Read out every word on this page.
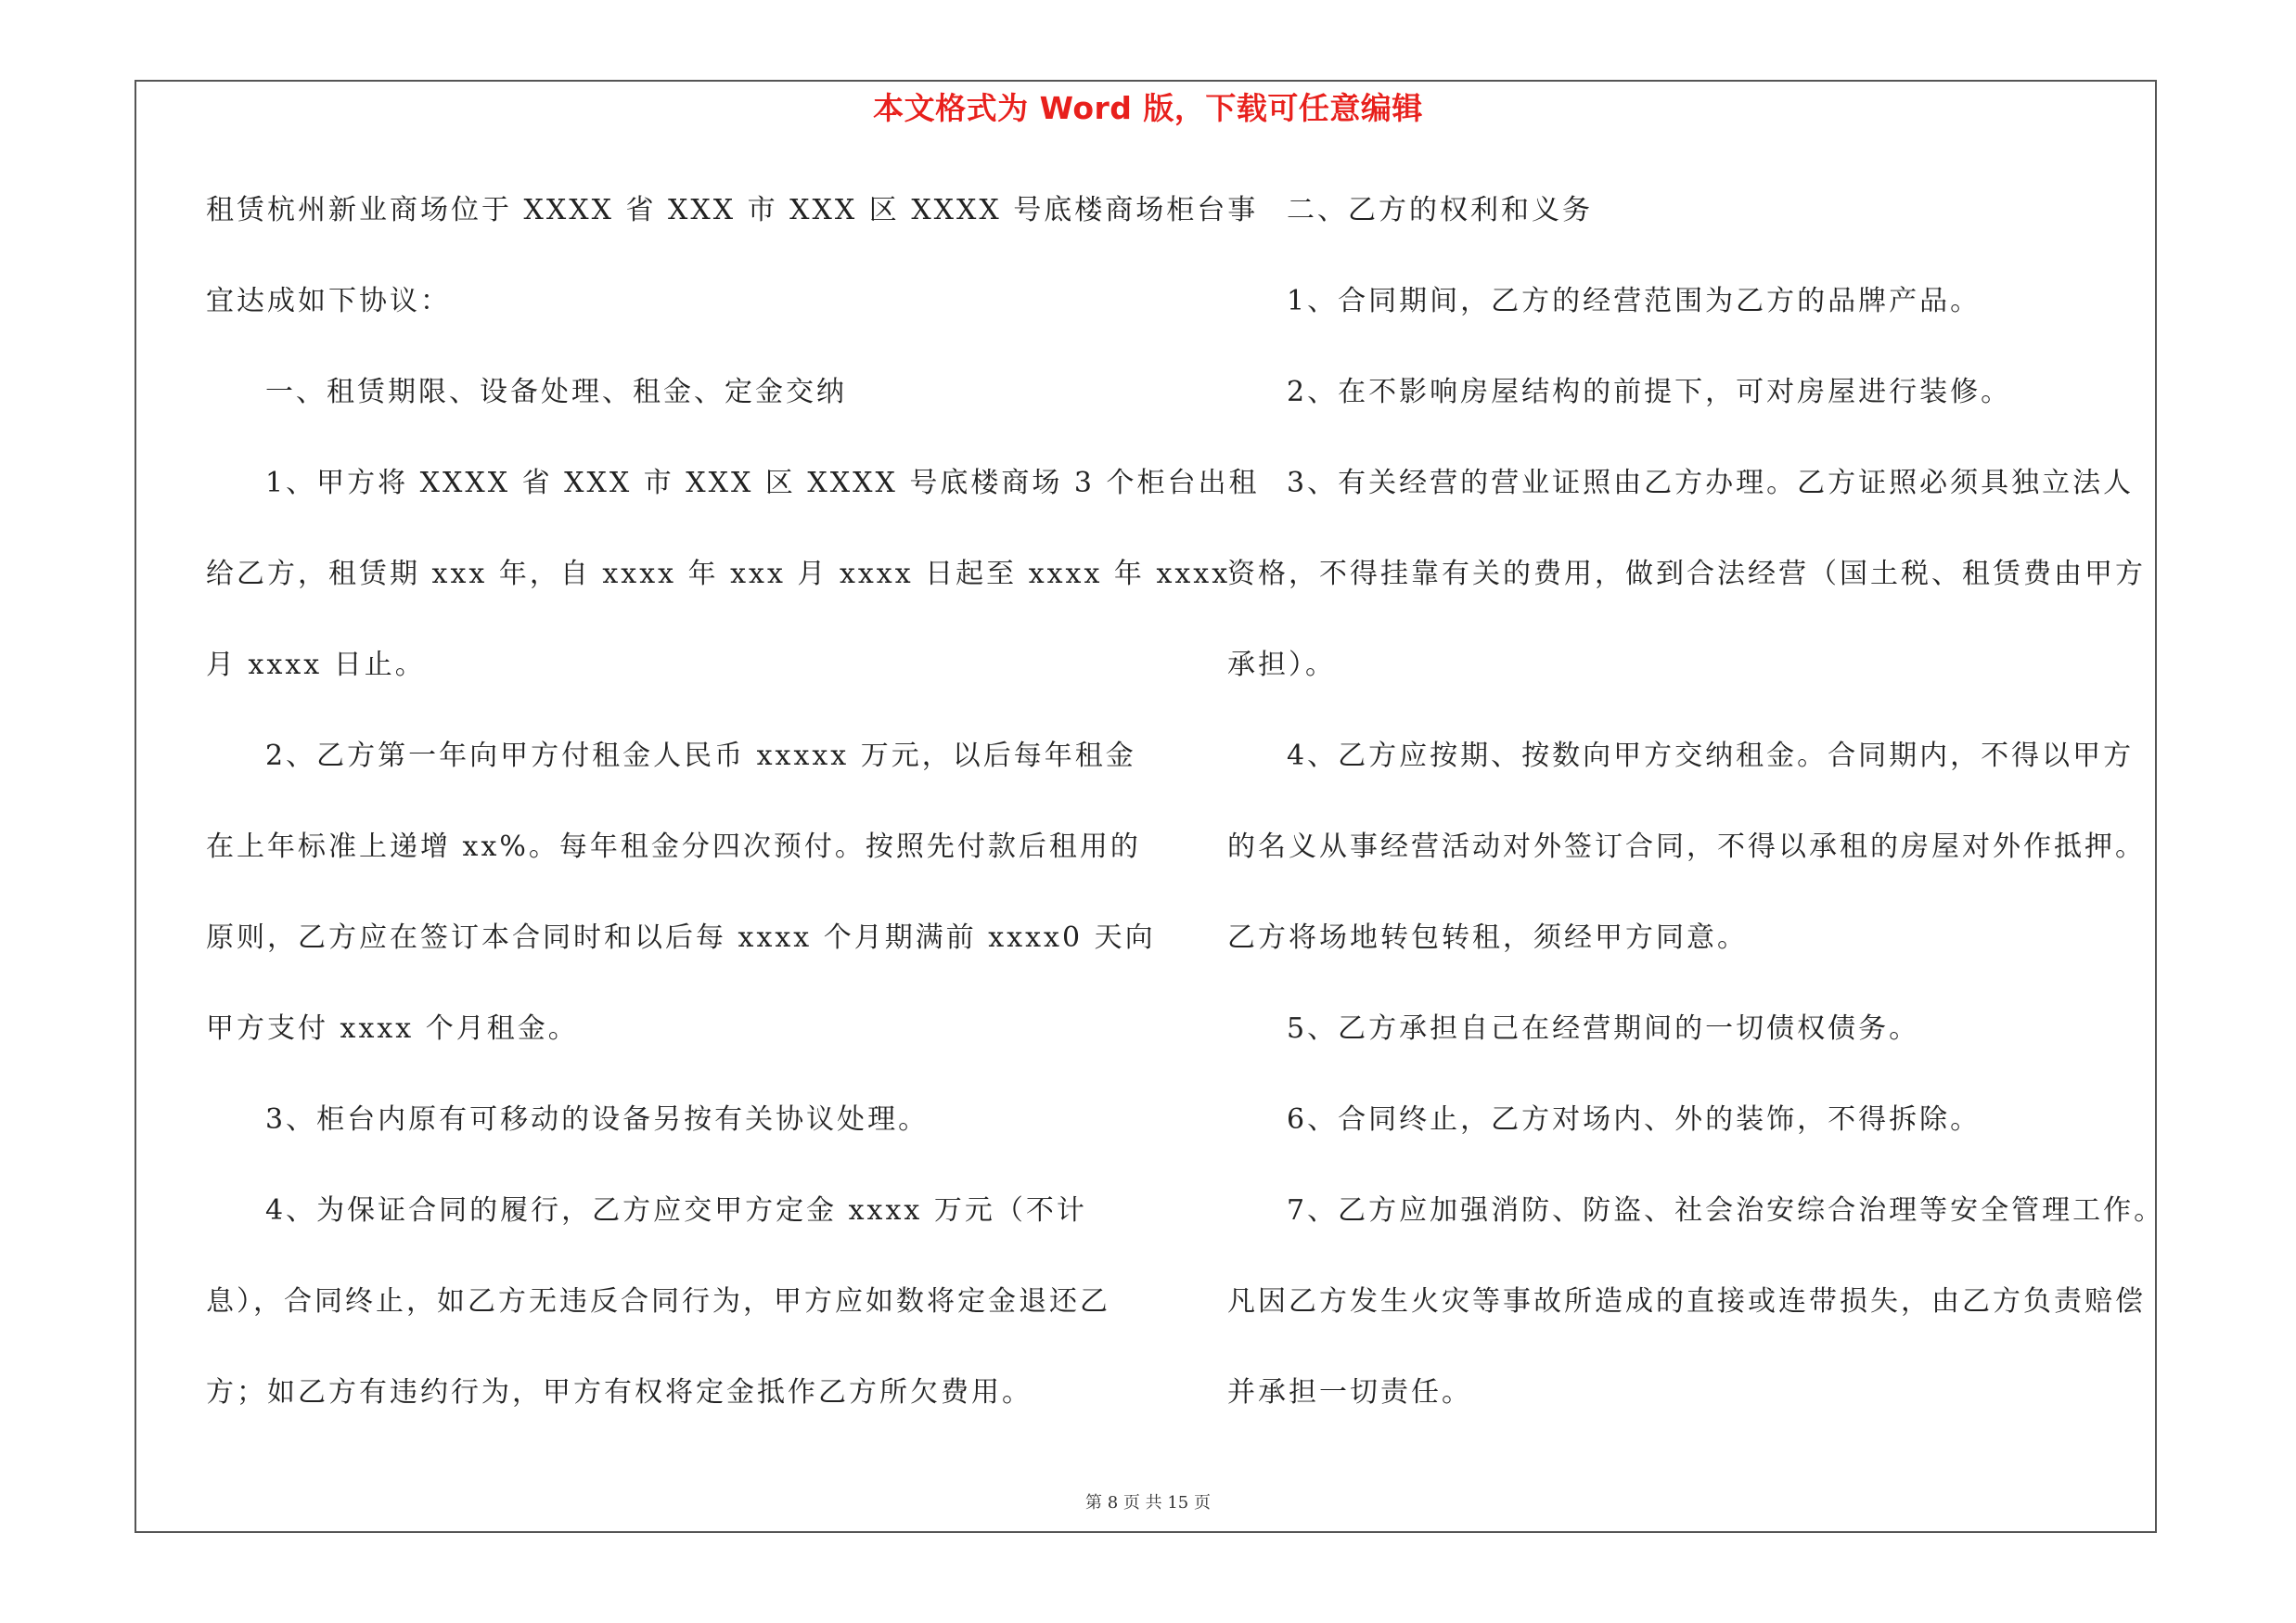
本文格式为 Word 版，下载可任意编辑
租赁杭州新业商场位于 XXXX 省 XXX 市 XXX 区 XXXX 号底楼商场柜台事
宜达成如下协议：
一、租赁期限、设备处理、租金、定金交纳
1、甲方将 XXXX 省 XXX 市 XXX 区 XXXX 号底楼商场 3 个柜台出租
给乙方，租赁期 xxx 年，自 xxxx 年 xxx 月 xxxx 日起至 xxxx 年 xxxx
月 xxxx 日止。
2、乙方第一年向甲方付租金人民币 xxxxx 万元，以后每年租金
在上年标准上递增 xx%。每年租金分四次预付。按照先付款后租用的
原则，乙方应在签订本合同时和以后每 xxxx 个月期满前 xxxx0 天向
甲方支付 xxxx 个月租金。
3、柜台内原有可移动的设备另按有关协议处理。
4、为保证合同的履行，乙方应交甲方定金 xxxx 万元（不计
息），合同终止，如乙方无违反合同行为，甲方应如数将定金退还乙
方；如乙方有违约行为，甲方有权将定金抵作乙方所欠费用。
二、乙方的权利和义务
1、合同期间，乙方的经营范围为乙方的品牌产品。
2、在不影响房屋结构的前提下，可对房屋进行装修。
3、有关经营的营业证照由乙方办理。乙方证照必须具独立法人
资格，不得挂靠有关的费用，做到合法经营（国土税、租赁费由甲方
承担）。
4、乙方应按期、按数向甲方交纳租金。合同期内，不得以甲方
的名义从事经营活动对外签订合同，不得以承租的房屋对外作抵押。
乙方将场地转包转租，须经甲方同意。
5、乙方承担自己在经营期间的一切债权债务。
6、合同终止，乙方对场内、外的装饰，不得拆除。
7、乙方应加强消防、防盗、社会治安综合治理等安全管理工作。
凡因乙方发生火灾等事故所造成的直接或连带损失，由乙方负责赔偿
并承担一切责任。
第 8 页 共 15 页
